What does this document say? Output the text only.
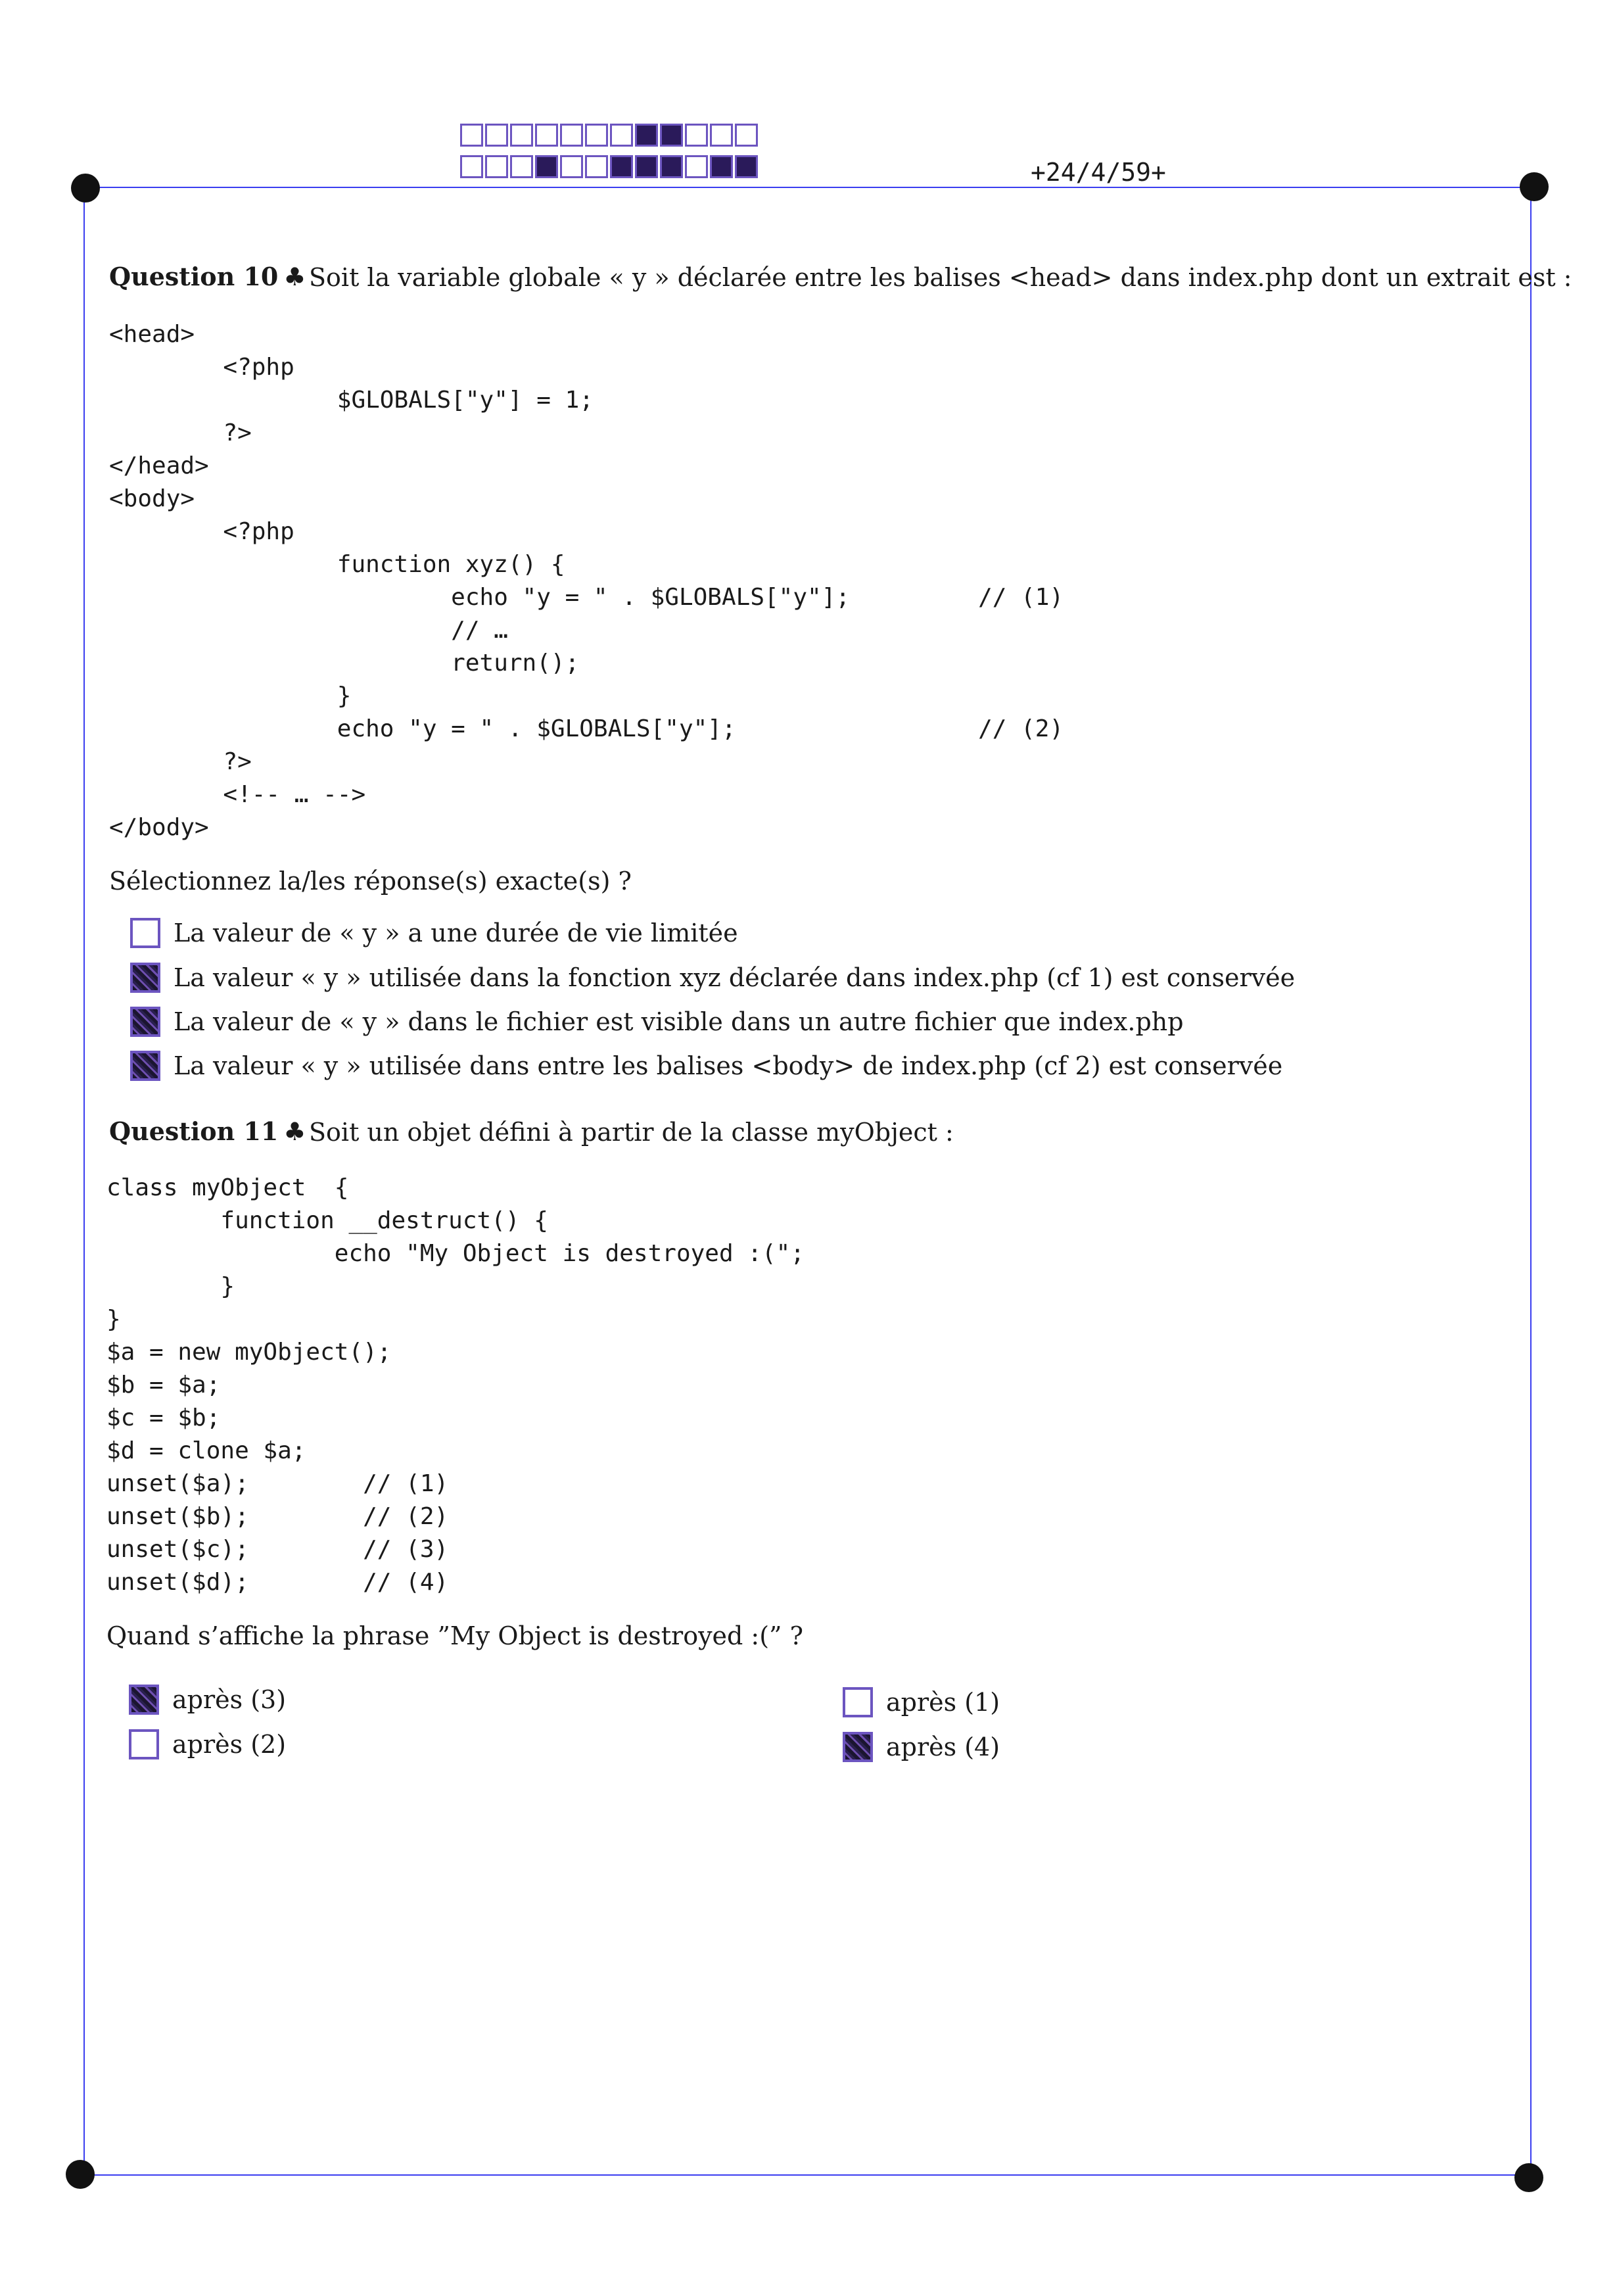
+24/4/59+
Question 10 ♣ Soit la variable globale « y » déclarée entre les balises <head> dans index.php dont un extrait est :
<head>
<?php
$GLOBALS["y"] = 1;
?>
</head>
<body>
<?php
function xyz() {
echo "y = " . $GLOBALS["y"];         // (1)
// …
return();
}
echo "y = " . $GLOBALS["y"];                 // (2)
?>
<!-- … -->
</body>
Sélectionnez la/les réponse(s) exacte(s) ?
La valeur de « y » a une durée de vie limitée
La valeur « y » utilisée dans la fonction xyz déclarée dans index.php (cf 1) est conservée
La valeur de « y » dans le fichier est visible dans un autre fichier que index.php
La valeur « y » utilisée dans entre les balises <body> de index.php (cf 2) est conservée
Question 11 ♣ Soit un objet défini à partir de la classe myObject :
class myObject  {
function __destruct() {
echo "My Object is destroyed :(";
}
}
$a = new myObject();
$b = $a;
$c = $b;
$d = clone $a;
unset($a);        // (1)
unset($b);        // (2)
unset($c);        // (3)
unset($d);        // (4)
Quand s’affiche la phrase ”My Object is destroyed :(” ?
après (3)
après (2)
après (1)
après (4)
